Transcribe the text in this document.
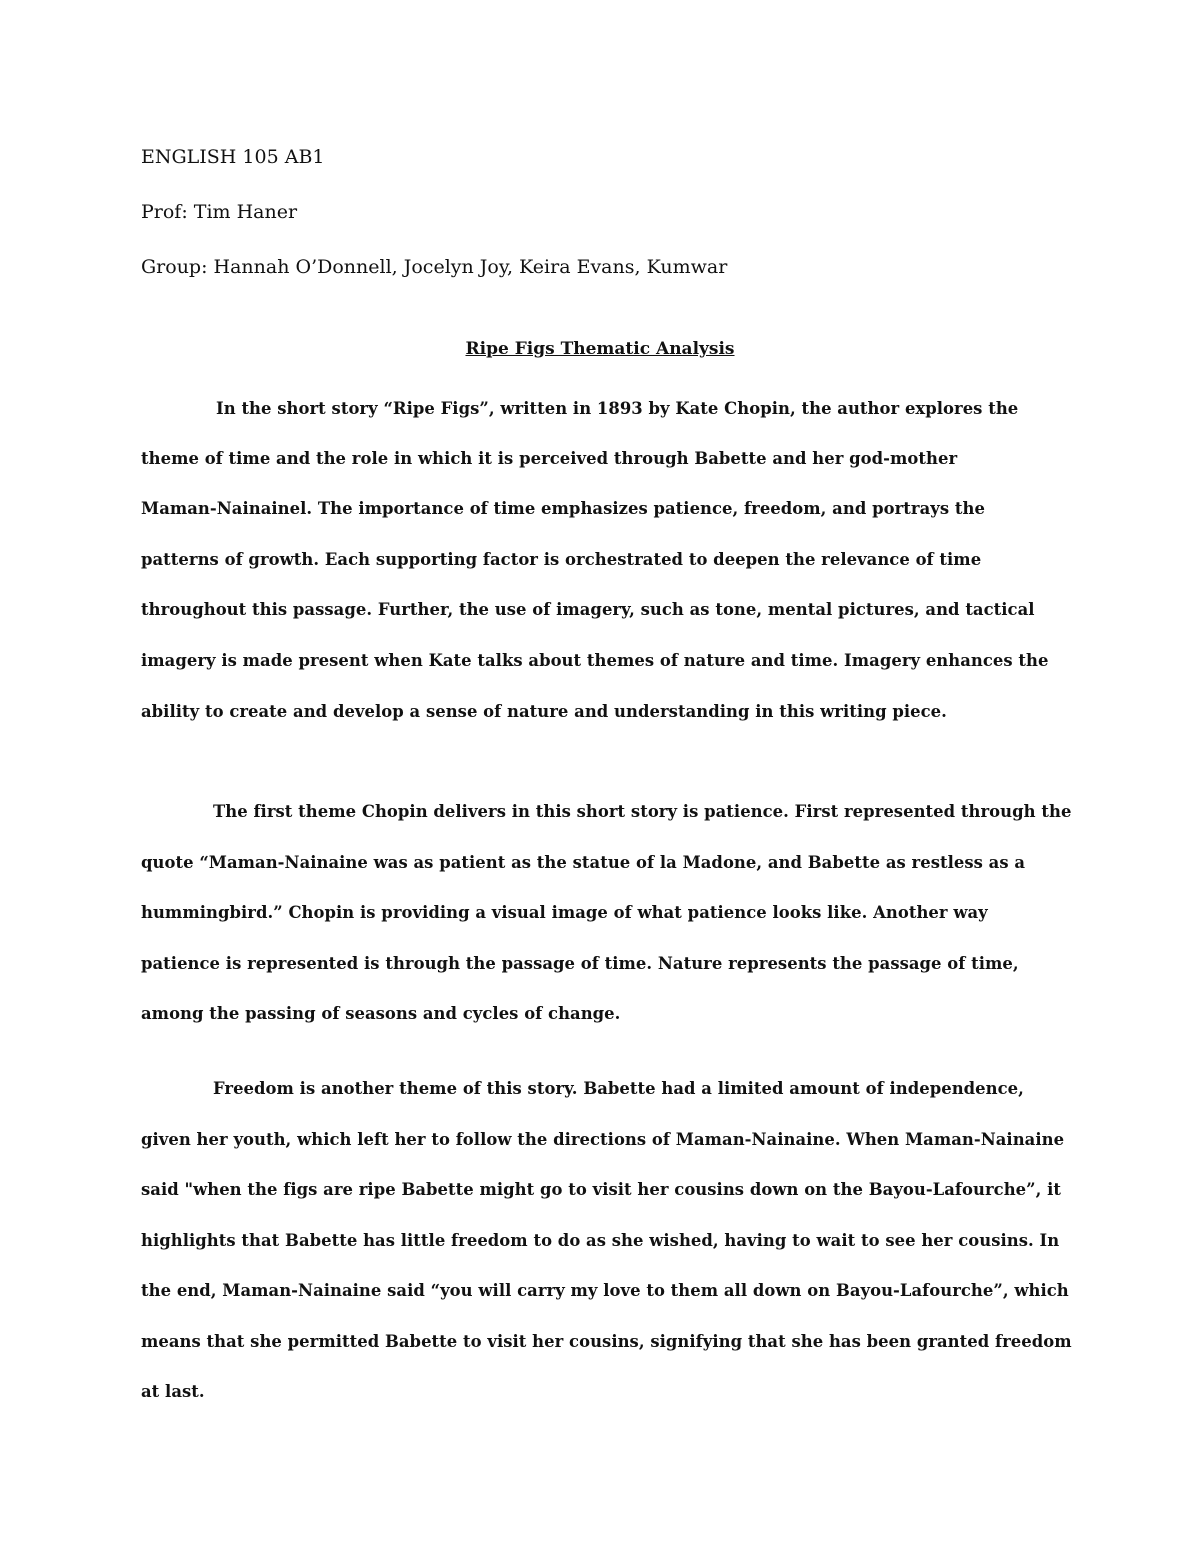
ENGLISH 105 AB1
Prof: Tim Haner
Group: Hannah O’Donnell, Jocelyn Joy, Keira Evans, Kumwar
Ripe Figs Thematic Analysis
In the short story “Ripe Figs”, written in 1893 by Kate Chopin, the author explores the
theme of time and the role in which it is perceived through Babette and her god-mother
Maman-Nainainel. The importance of time emphasizes patience, freedom, and portrays the
patterns of growth. Each supporting factor is orchestrated to deepen the relevance of time
throughout this passage. Further, the use of imagery, such as tone, mental pictures, and tactical
imagery is made present when Kate talks about themes of nature and time. Imagery enhances the
ability to create and develop a sense of nature and understanding in this writing piece.
The first theme Chopin delivers in this short story is patience. First represented through the
quote “Maman-Nainaine was as patient as the statue of la Madone, and Babette as restless as a
hummingbird.” Chopin is providing a visual image of what patience looks like. Another way
patience is represented is through the passage of time. Nature represents the passage of time,
among the passing of seasons and cycles of change.
Freedom is another theme of this story. Babette had a limited amount of independence,
given her youth, which left her to follow the directions of Maman-Nainaine. When Maman-Nainaine
said "when the figs are ripe Babette might go to visit her cousins down on the Bayou-Lafourche”, it
highlights that Babette has little freedom to do as she wished, having to wait to see her cousins. In
the end, Maman-Nainaine said “you will carry my love to them all down on Bayou-Lafourche”, which
means that she permitted Babette to visit her cousins, signifying that she has been granted freedom
at last.
